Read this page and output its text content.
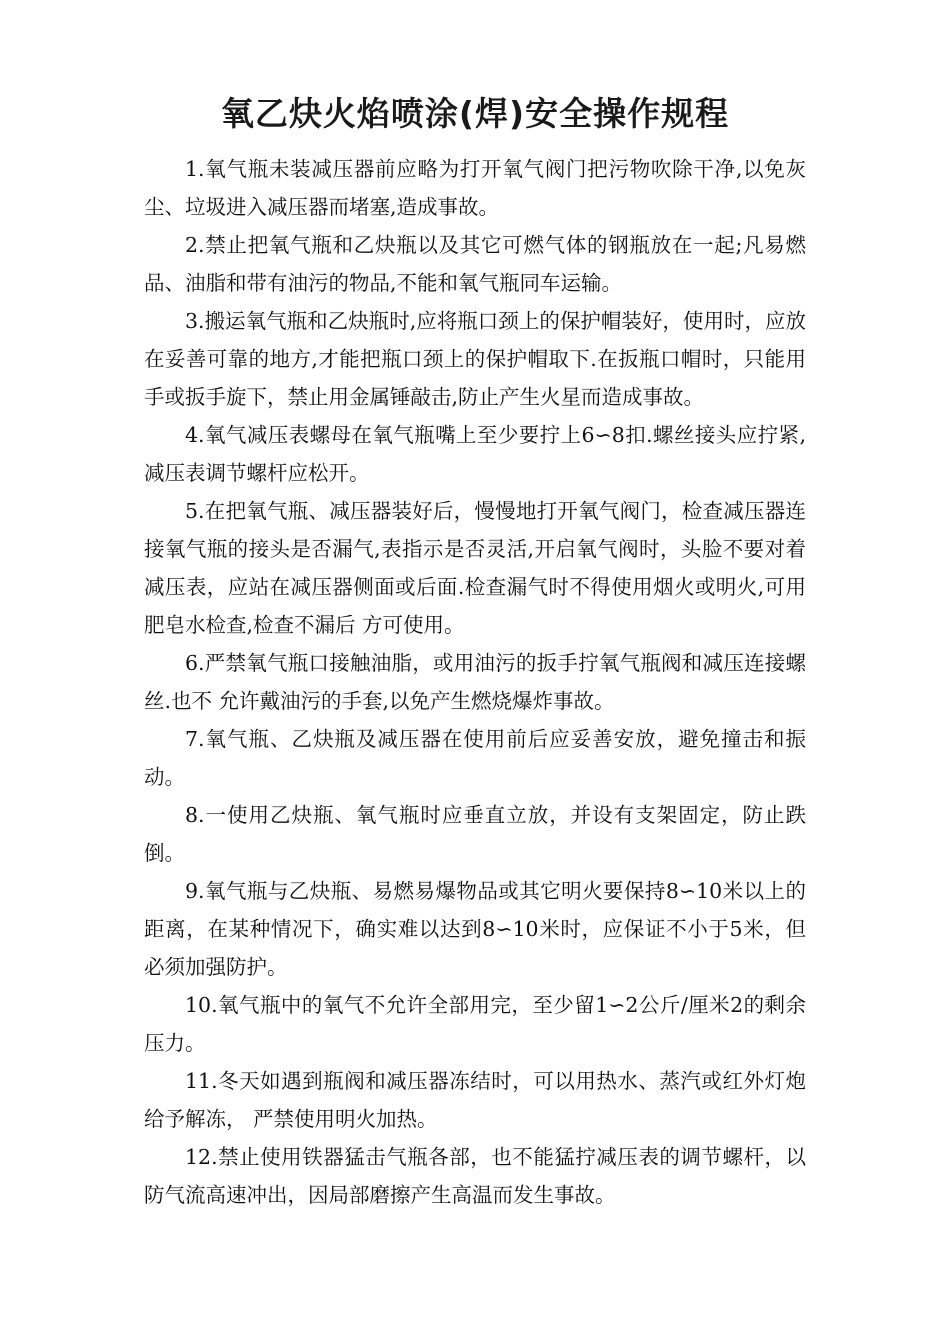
氧乙炔火焰喷涂(焊)安全操作规程

1.氧气瓶未装减压器前应略为打开氧气阀门把污物吹除干净,以免灰尘、垃圾进入减压器而堵塞,造成事故。

2.禁止把氧气瓶和乙炔瓶以及其它可燃气体的钢瓶放在一起;凡易燃品、油脂和带有油污的物品,不能和氧气瓶同车运输。

3.搬运氧气瓶和乙炔瓶时,应将瓶口颈上的保护帽装好，使用时，应放在妥善可靠的地方,才能把瓶口颈上的保护帽取下.在扳瓶口帽时，只能用手或扳手旋下，禁止用金属锤敲击,防止产生火星而造成事故。

4.氧气减压表螺母在氧气瓶嘴上至少要拧上6∽8扣.螺丝接头应拧紧,减压表调节螺杆应松开。

5.在把氧气瓶、减压器装好后，慢慢地打开氧气阀门，检查减压器连接氧气瓶的接头是否漏气,表指示是否灵活,开启氧气阀时，头脸不要对着减压表，应站在减压器侧面或后面.检查漏气时不得使用烟火或明火,可用肥皂水检查,检查不漏后 方可使用。

6.严禁氧气瓶口接触油脂，或用油污的扳手拧氧气瓶阀和减压连接螺丝.也不 允许戴油污的手套,以免产生燃烧爆炸事故。

7.氧气瓶、乙炔瓶及减压器在使用前后应妥善安放，避免撞击和振动。

8.一使用乙炔瓶、氧气瓶时应垂直立放，并设有支架固定，防止跌倒。

9.氧气瓶与乙炔瓶、易燃易爆物品或其它明火要保持8∽10米以上的距离，在某种情况下，确实难以达到8∽10米时，应保证不小于5米，但必须加强防护。

10.氧气瓶中的氧气不允许全部用完，至少留1∽2公斤/厘米2的剩余压力。

11.冬天如遇到瓶阀和减压器冻结时，可以用热水、蒸汽或红外灯炮给予解冻， 严禁使用明火加热。

12.禁止使用铁器猛击气瓶各部，也不能猛拧减压表的调节螺杆，以防气流高速冲出，因局部磨擦产生高温而发生事故。
